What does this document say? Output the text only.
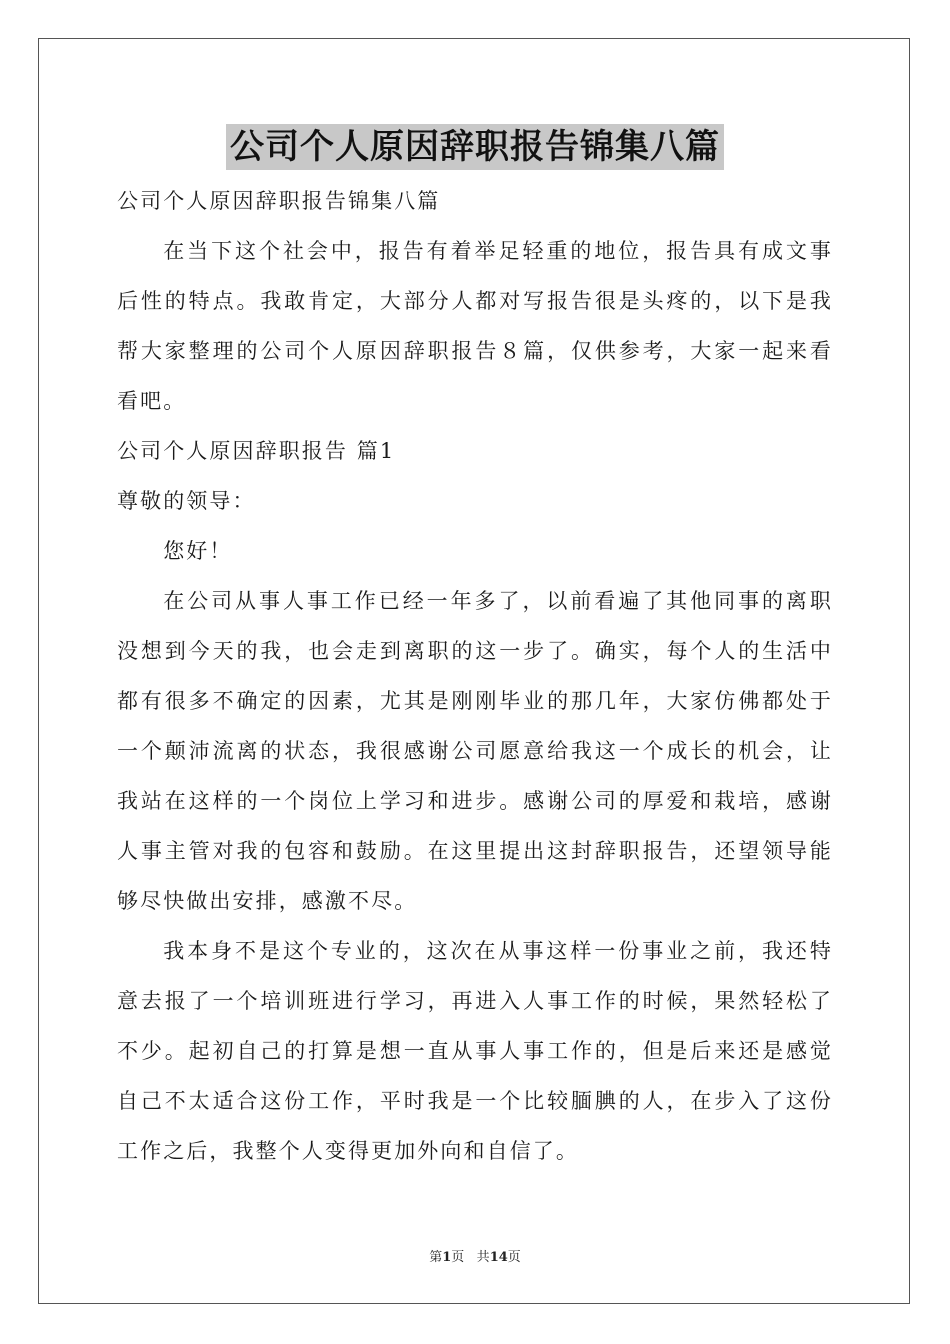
公司个人原因辞职报告锦集八篇

公司个人原因辞职报告锦集八篇

在当下这个社会中，报告有着举足轻重的地位，报告具有成文事后性的特点。我敢肯定，大部分人都对写报告很是头疼的，以下是我帮大家整理的公司个人原因辞职报告８篇，仅供参考，大家一起来看看吧。

公司个人原因辞职报告 篇1

尊敬的领导：

您好！

在公司从事人事工作已经一年多了，以前看遍了其他同事的离职没想到今天的我，也会走到离职的这一步了。确实，每个人的生活中都有很多不确定的因素，尤其是刚刚毕业的那几年，大家仿佛都处于一个颠沛流离的状态，我很感谢公司愿意给我这一个成长的机会，让我站在这样的一个岗位上学习和进步。感谢公司的厚爱和栽培，感谢人事主管对我的包容和鼓励。在这里提出这封辞职报告，还望领导能够尽快做出安排，感激不尽。

我本身不是这个专业的，这次在从事这样一份事业之前，我还特意去报了一个培训班进行学习，再进入人事工作的时候，果然轻松了不少。起初自己的打算是想一直从事人事工作的，但是后来还是感觉自己不太适合这份工作，平时我是一个比较腼腆的人，在步入了这份工作之后，我整个人变得更加外向和自信了。

第1页 共14页
